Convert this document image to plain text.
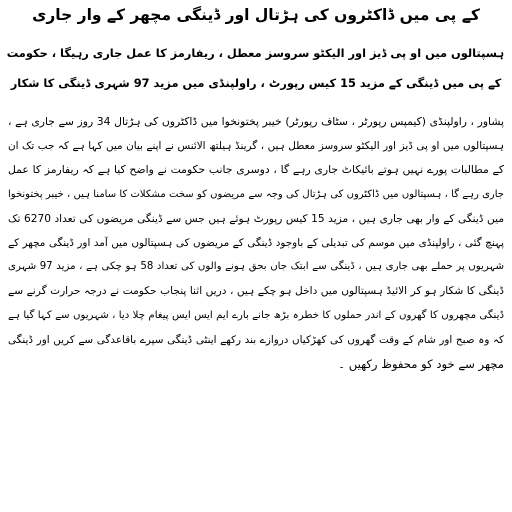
کے پی میں ڈاکٹروں کی ہڑتال اور ڈینگی مچھر کے وار جاری
ہسپتالوں میں او پی ڈیز اور الیکٹو سروسز معطل ، ریفارمز کا عمل جاری رہیگا ، حکومت
کے پی میں ڈینگی کے مزید 15 کیس رپورٹ ، راولپنڈی میں مزید 97 شہری ڈینگی کا شکار
پشاور ، راولپنڈی (کیمپس رپورٹر ، سٹاف رپورٹر) خیبر پختونخوا میں ڈاکٹروں کی ہڑتال 34 روز سے جاری ہے ،
ہسپتالوں میں او پی ڈیز اور الیکٹو سروسز معطل ہیں ، گرینڈ ہیلتھ الائنس نے اپنے بیان میں کہا ہے کہ جب تک ان
کے مطالبات پورے نہیں ہوتے بائیکاٹ جاری رہے گا ، دوسری جانب حکومت نے واضح کیا ہے کہ ریفارمز کا عمل
جاری رہے گا ، ہسپتالوں میں ڈاکٹروں کی ہڑتال کی وجہ سے مریضوں کو سخت مشکلات کا سامنا ہیں ، خیبر پختونخوا
میں ڈینگی کے وار بھی جاری ہیں ، مزید 15 کیس رپورٹ ہوئے ہیں جس سے ڈینگی مریضوں کی تعداد 6270 تک
پہنچ گئی ، راولپنڈی میں موسم کی تبدیلی کے باوجود ڈینگی کے مریضوں کی ہسپتالوں میں آمد اور ڈینگی مچھر کے
شہریوں پر حملے بھی جاری ہیں ، ڈینگی سے ابتک جاں بحق ہونے والوں کی تعداد 58 ہو چکی ہے ، مزید 97 شہری
ڈینگی کا شکار ہو کر الائیڈ ہسپتالوں میں داخل ہو چکے ہیں ، دریں اثنا پنجاب حکومت نے درجہ حرارت گرنے سے
ڈینگی مچھروں کا گھروں کے اندر حملوں کا خطرہ بڑھ جانے بارے ایم ایس ایس پیغام چلا دیا ، شہریوں سے کہا گیا ہے
کہ وہ صبح اور شام کے وقت گھروں کی کھڑکیاں دروازے بند رکھے اینٹی ڈینگی سپرے باقاعدگی سے کریں اور ڈینگی
مچھر سے خود کو محفوظ رکھیں ۔
